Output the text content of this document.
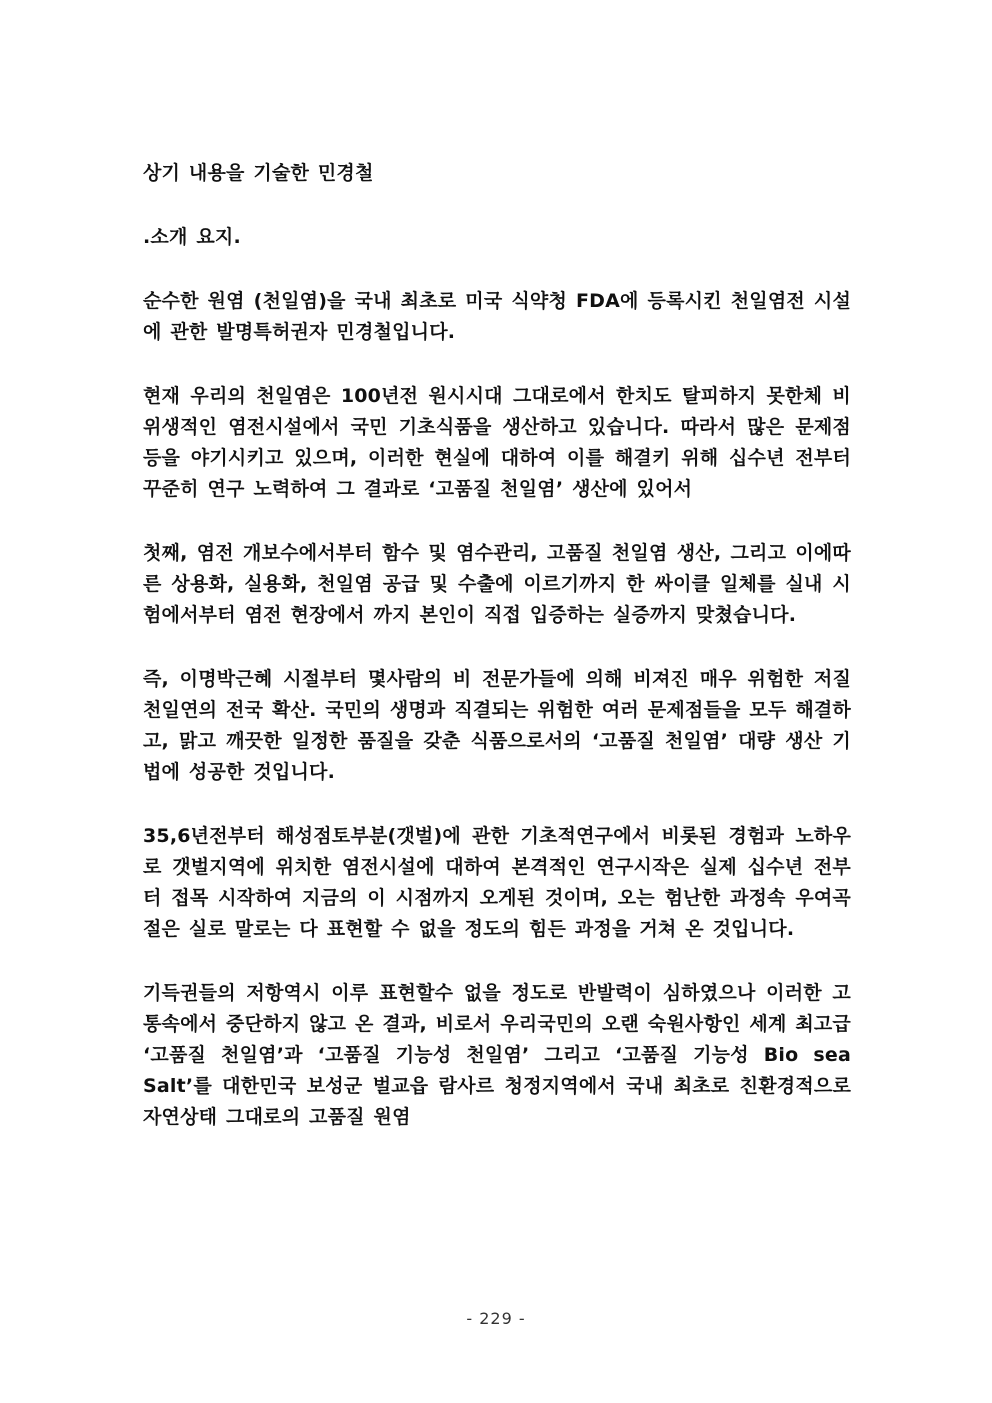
상기 내용을 기술한 민경철

.소개 요지.

순수한 원염 (천일염)을 국내 최초로 미국 식약청 FDA에 등록시킨 천일염전 시설에 관한 발명특허권자 민경철입니다.

현재 우리의 천일염은 100년전 원시시대 그대로에서 한치도 탈피하지 못한체 비위생적인 염전시설에서 국민 기초식품을 생산하고 있습니다. 따라서 많은 문제점등을 야기시키고 있으며, 이러한 현실에 대하여 이를 해결키 위해 십수년 전부터 꾸준히 연구 노력하여 그 결과로 ‘고품질 천일염’ 생산에 있어서

첫째, 염전 개보수에서부터 함수 및 염수관리, 고품질 천일염 생산, 그리고 이에따른 상용화, 실용화, 천일염 공급 및 수출에 이르기까지 한 싸이클 일체를 실내 시험에서부터 염전 현장에서 까지 본인이 직접 입증하는 실증까지 맞쳤습니다.

즉, 이명박근혜 시절부터 몇사람의 비 전문가들에 의해 비져진 매우 위험한 저질 천일연의 전국 확산. 국민의 생명과 직결되는 위험한 여러 문제점들을 모두 해결하고, 맑고 깨끗한 일정한 품질을 갖춘 식품으로서의 ‘고품질 천일염’ 대량 생산 기법에 성공한 것입니다.

35,6년전부터 해성점토부분(갯벌)에 관한 기초적연구에서 비롯된 경험과 노하우로 갯벌지역에 위치한 염전시설에 대하여 본격적인 연구시작은 실제 십수년 전부터 접목 시작하여 지금의 이 시점까지 오게된 것이며, 오는 험난한 과정속 우여곡절은 실로 말로는 다 표현할 수 없을 정도의 힘든 과정을 거쳐 온 것입니다.

기득권들의 저항역시 이루 표현할수 없을 정도로 반발력이 심하였으나 이러한 고통속에서 중단하지 않고 온 결과, 비로서 우리국민의 오랜 숙원사항인 세계 최고급 ‘고품질 천일염’과 ‘고품질 기능성 천일염’ 그리고 ‘고품질 기능성 Bio sea Salt’를 대한민국 보성군 벌교읍 람사르 청정지역에서 국내 최초로 친환경적으로 자연상태 그대로의 고품질 원염

- 229 -
